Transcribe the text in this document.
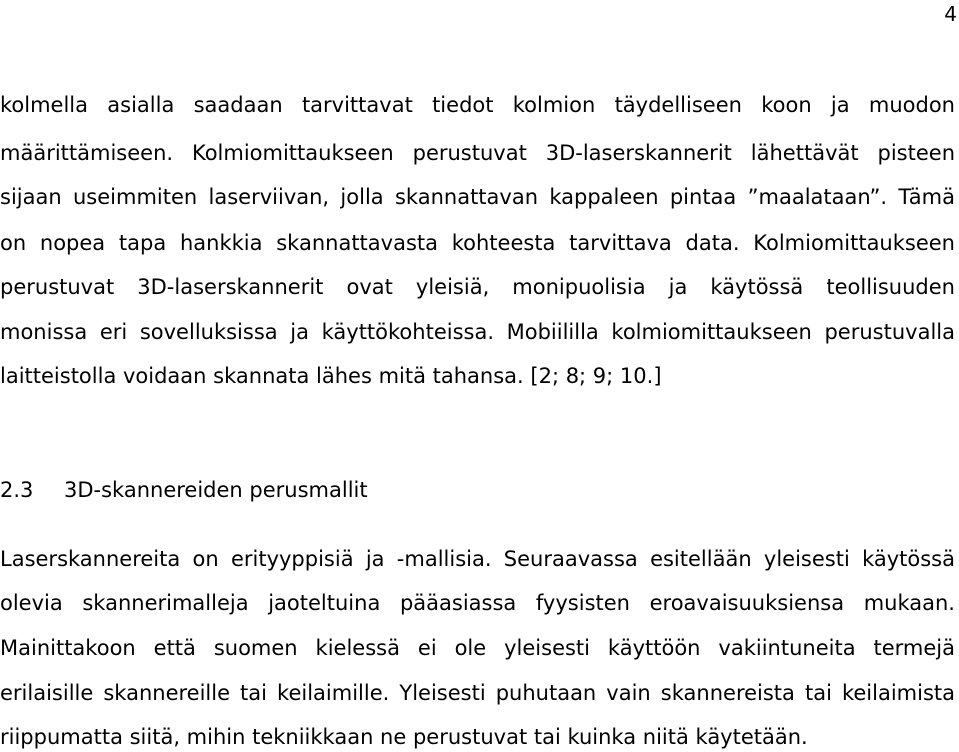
4
kolmella asialla saadaan tarvittavat tiedot kolmion täydelliseen koon ja muodon
määrittämiseen. Kolmiomittaukseen perustuvat 3D-laserskannerit lähettävät pisteen
sijaan useimmiten laserviivan, jolla skannattavan kappaleen pintaa ”maalataan”. Tämä
on nopea tapa hankkia skannattavasta kohteesta tarvittava data. Kolmiomittaukseen
perustuvat 3D-laserskannerit ovat yleisiä, monipuolisia ja käytössä teollisuuden
monissa eri sovelluksissa ja käyttökohteissa. Mobiililla kolmiomittaukseen perustuvalla
laitteistolla voidaan skannata lähes mitä tahansa. [2; 8; 9; 10.]
2.3 3D-skannereiden perusmallit
Laserskannereita on erityyppisiä ja -mallisia. Seuraavassa esitellään yleisesti käytössä
olevia skannerimalleja jaoteltuina pääasiassa fyysisten eroavaisuuksiensa mukaan.
Mainittakoon että suomen kielessä ei ole yleisesti käyttöön vakiintuneita termejä
erilaisille skannereille tai keilaimille. Yleisesti puhutaan vain skannereista tai keilaimista
riippumatta siitä, mihin tekniikkaan ne perustuvat tai kuinka niitä käytetään.
